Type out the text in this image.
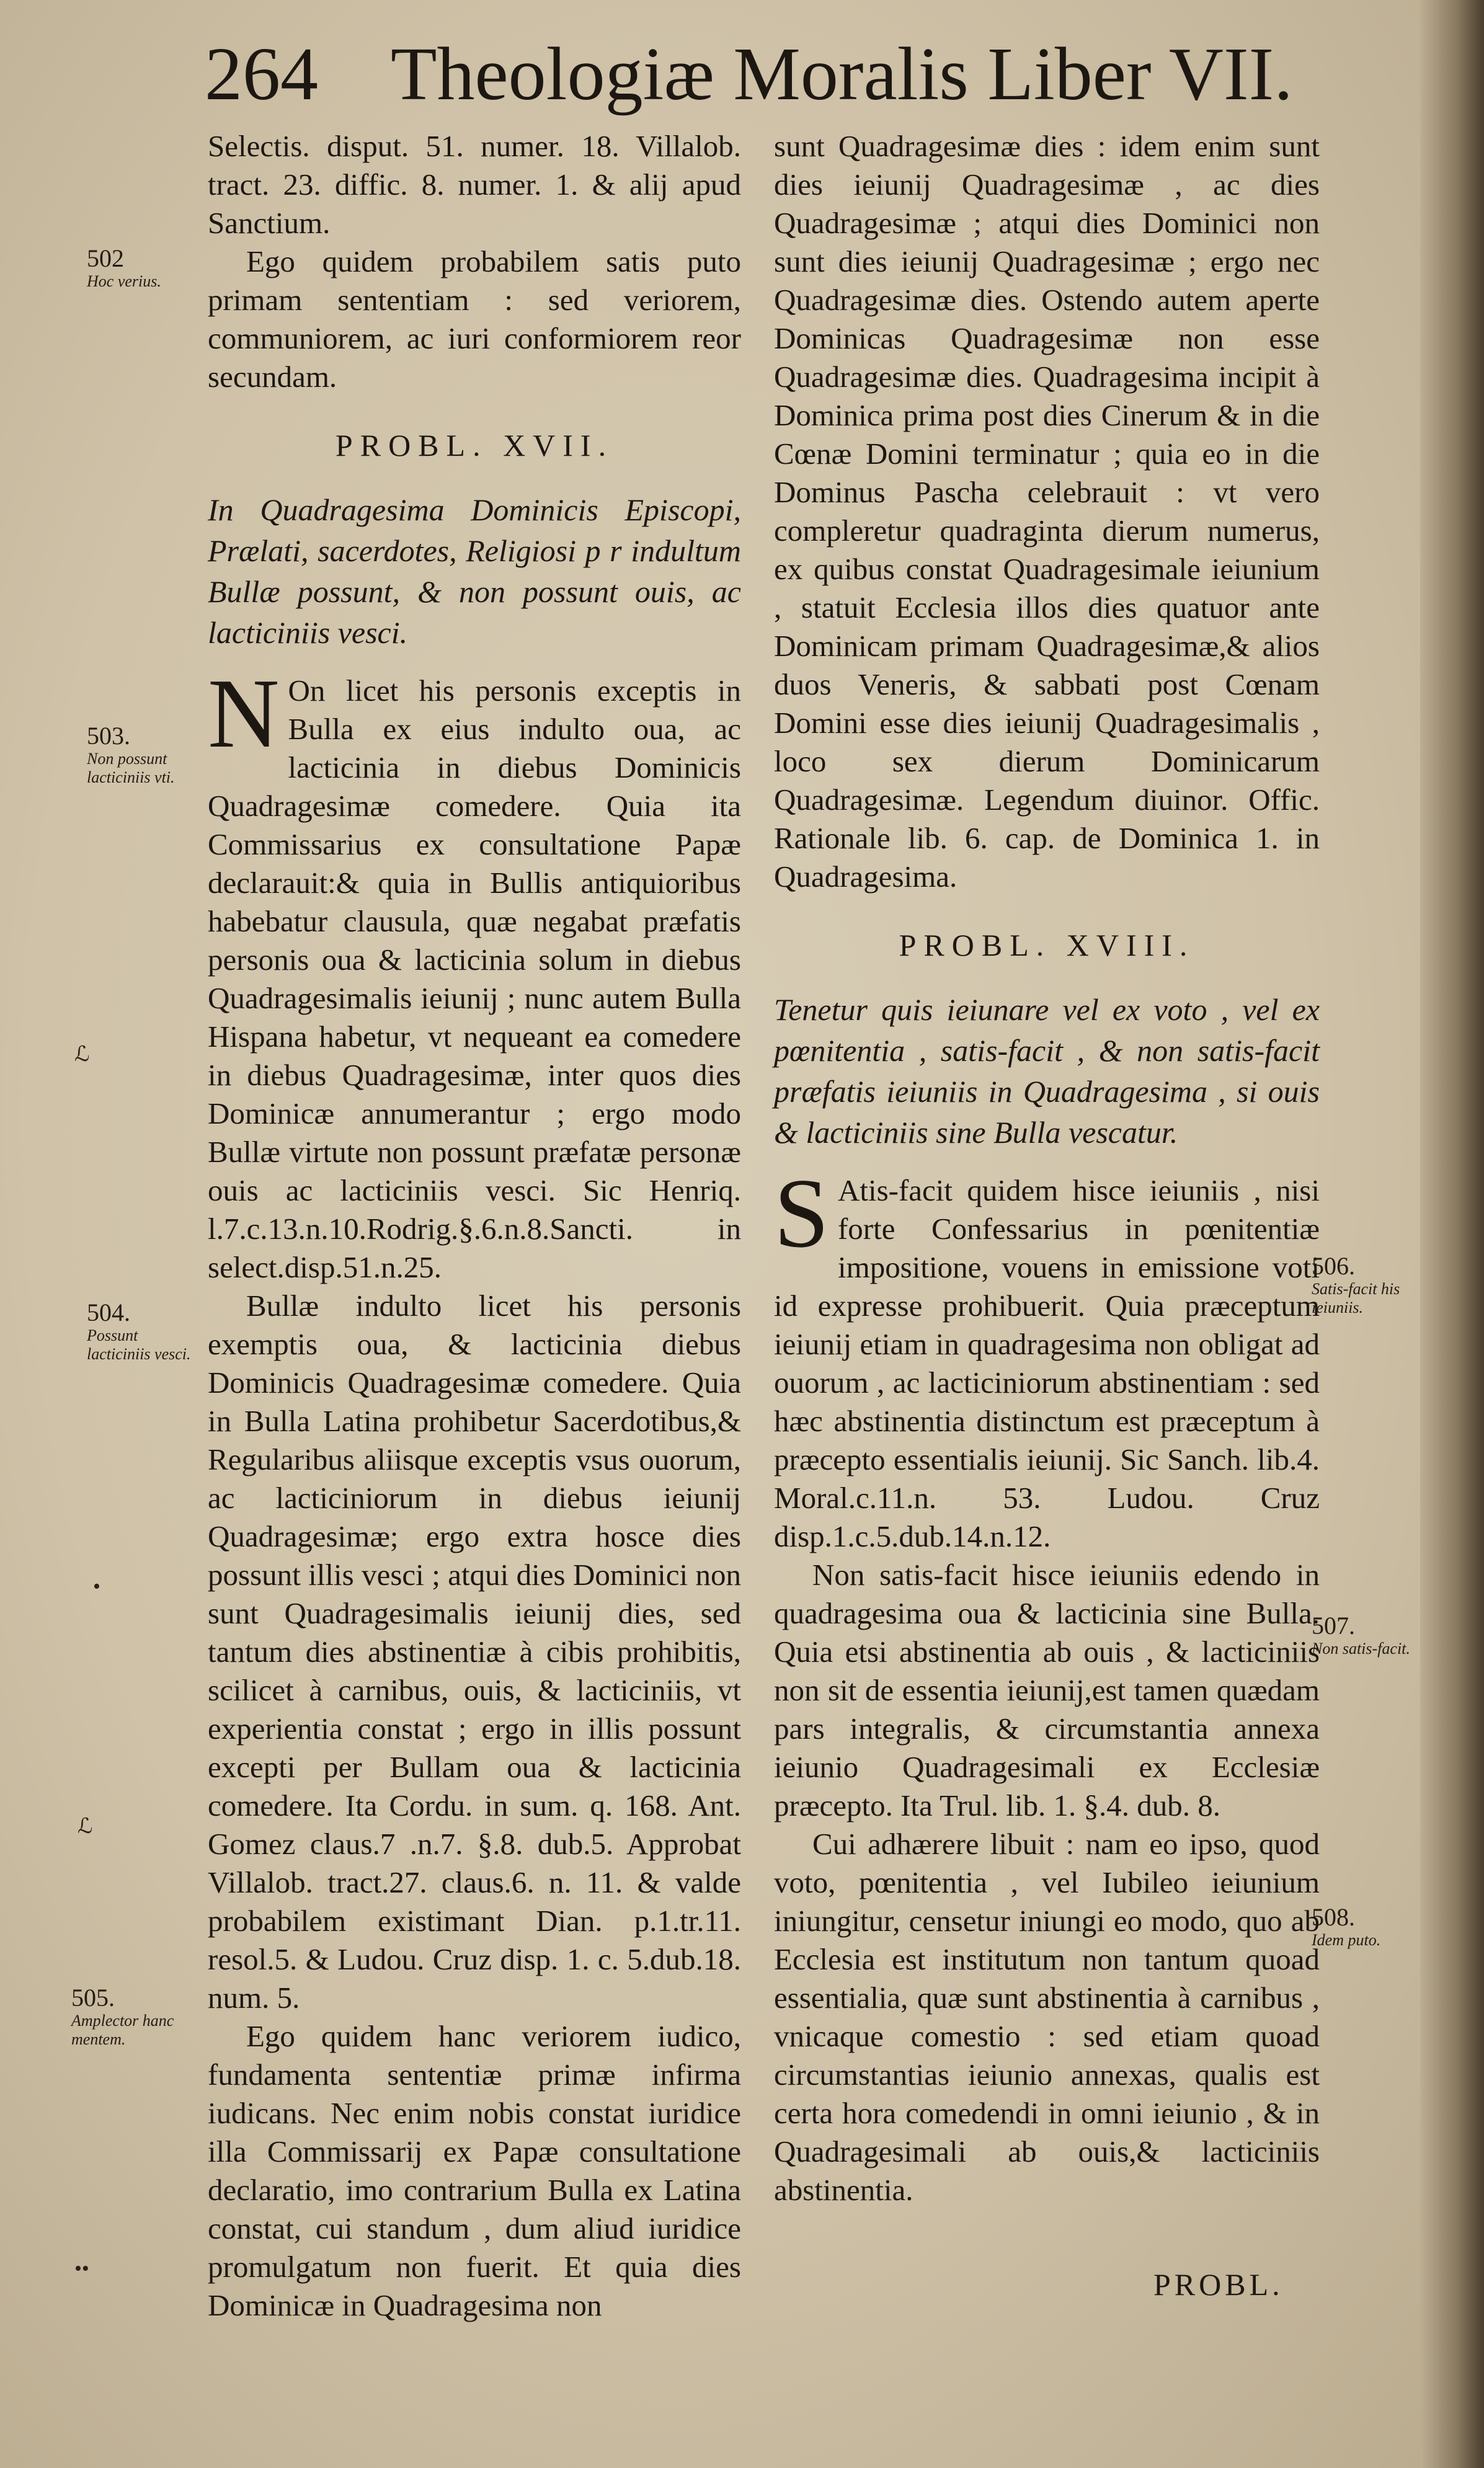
264 Theologiæ Moralis Liber VII.

Selectis. disput. 51. numer. 18. Villalob. tract. 23. diffic. 8. numer. 1. & alij apud Sanctium.

Ego quidem probabilem satis puto primam sententiam : sed veriorem, communiorem, ac iuri conformiorem reor secundam.

PROBL. XVII.
In Quadragesima Dominicis Episcopi, Prælati, sacerdotes, Religiosi p r indultum Bullæ possunt, & non possunt ouis, ac lacticiniis vesci.

N On licet his personis exceptis in Bulla ex eius indulto oua, ac lacticinia in diebus Dominicis Quadragesimæ comedere. Quia ita Commissarius ex consultatione Papæ declarauit:& quia in Bullis antiquioribus habebatur clausula, quæ negabat præfatis personis oua & lacticinia solum in diebus Quadragesimalis ieiunij ; nunc autem Bulla Hispana habetur, vt nequeant ea comedere in diebus Quadragesimæ, inter quos dies Dominicæ annumerantur ; ergo modo Bullæ virtute non possunt præfatæ personæ ouis ac lacticiniis vesci. Sic Henriq. l.7.c.13.n.10.Rodrig.§.6.n.8.Sancti. in select.disp.51.n.25.

Bullæ indulto licet his personis exemptis oua, & lacticinia diebus Dominicis Quadragesimæ comedere. Quia in Bulla Latina prohibetur Sacerdotibus,& Regularibus aliisque exceptis vsus ouorum, ac lacticiniorum in diebus ieiunij Quadragesimæ; ergo extra hosce dies possunt illis vesci ; atqui dies Dominici non sunt Quadragesimalis ieiunij dies, sed tantum dies abstinentiæ à cibis prohibitis, scilicet à carnibus, ouis, & lacticiniis, vt experientia constat ; ergo in illis possunt excepti per Bullam oua & lacticinia comedere. Ita Cordu. in sum. q. 168. Ant. Gomez claus.7 .n.7. §.8. dub.5. Approbat Villalob. tract.27. claus.6. n. 11. & valde probabilem existimant Dian. p.1.tr.11. resol.5. & Ludou. Cruz disp. 1. c. 5.dub.18. num. 5.

Ego quidem hanc veriorem iudico, fundamenta sententiæ primæ infirma iudicans. Nec enim nobis constat iuridice illa Commissarij ex Papæ consultatione declaratio, imo contrarium Bulla ex Latina constat, cui standum , dum aliud iuridice promulgatum non fuerit. Et quia dies Dominicæ in Quadragesima non

sunt Quadragesimæ dies : idem enim sunt dies ieiunij Quadragesimæ , ac dies Quadragesimæ ; atqui dies Dominici non sunt dies ieiunij Quadragesimæ ; ergo nec Quadragesimæ dies. Ostendo autem aperte Dominicas Quadragesimæ non esse Quadragesimæ dies. Quadragesima incipit à Dominica prima post dies Cinerum & in die Cœnæ Domini terminatur ; quia eo in die Dominus Pascha celebrauit : vt vero compleretur quadraginta dierum numerus, ex quibus constat Quadragesimale ieiunium , statuit Ecclesia illos dies quatuor ante Dominicam primam Quadragesimæ,& alios duos Veneris, & sabbati post Cœnam Domini esse dies ieiunij Quadragesimalis , loco sex dierum Dominicarum Quadragesimæ. Legendum diuinor. Offic. Rationale lib. 6. cap. de Dominica 1. in Quadragesima.

PROBL. XVIII.
Tenetur quis ieiunare vel ex voto , vel ex pœnitentia , satis-facit , & non satis-facit præfatis ieiuniis in Quadragesima , si ouis & lacticiniis sine Bulla vescatur.

S Atis-facit quidem hisce ieiuniis , nisi forte Confessarius in pœnitentiæ impositione, vouens in emissione voti id expresse prohibuerit. Quia præceptum ieiunij etiam in quadragesima non obligat ad ouorum , ac lacticiniorum abstinentiam : sed hæc abstinentia distinctum est præceptum à præcepto essentialis ieiunij. Sic Sanch. lib.4. Moral.c.11.n. 53. Ludou. Cruz disp.1.c.5.dub.14.n.12.

Non satis-facit hisce ieiuniis edendo in quadragesima oua & lacticinia sine Bulla. Quia etsi abstinentia ab ouis , & lacticiniis non sit de essentia ieiunij,est tamen quædam pars integralis, & circumstantia annexa ieiunio Quadragesimali ex Ecclesiæ præcepto. Ita Trul. lib. 1. §.4. dub. 8.

Cui adhærere libuit : nam eo ipso, quod voto, pœnitentia , vel Iubileo ieiunium iniungitur, censetur iniungi eo modo, quo ab Ecclesia est institutum non tantum quoad essentialia, quæ sunt abstinentia à carnibus , vnicaque comestio : sed etiam quoad circumstantias ieiunio annexas, qualis est certa hora comedendi in omni ieiunio , & in Quadragesimali ab ouis,& lacticiniis abstinentia.

502
Hoc verius.
503.
Non possunt lacticiniis vti.
ℒ
504.
Possunt lacticiniis vesci.
•
ℒ
505.
Amplector hanc mentem.
••
506.
Satis-facit his ieiuniis.
507.
Non satis-facit.
508.
Idem puto.
PROBL.
